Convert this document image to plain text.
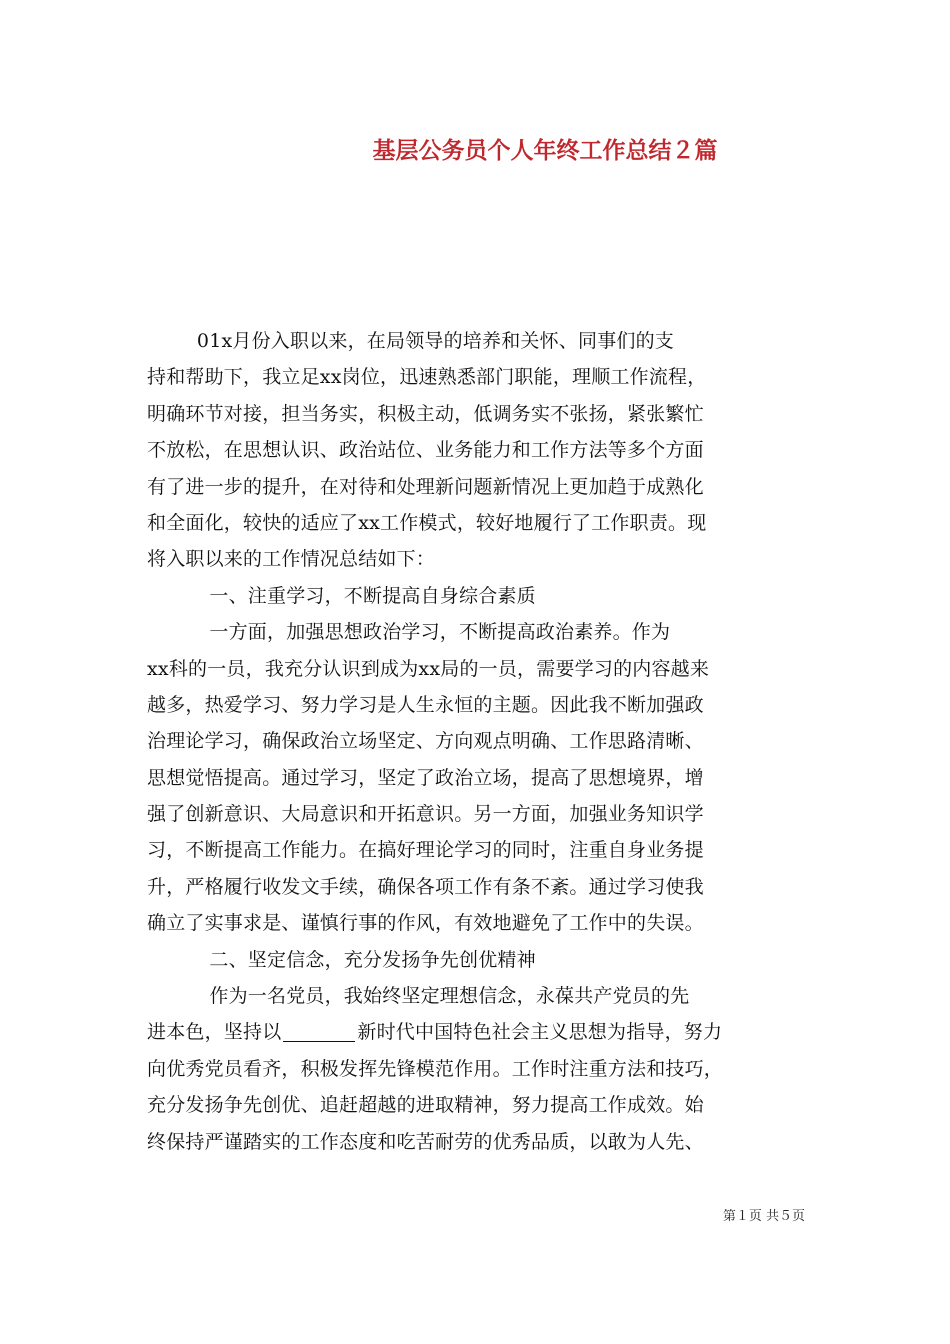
基层公务员个人年终工作总结２篇
01x月份入职以来，在局领导的培养和关怀、同事们的支
持和帮助下，我立足xx岗位，迅速熟悉部门职能，理顺工作流程，
明确环节对接，担当务实，积极主动，低调务实不张扬，紧张繁忙
不放松，在思想认识、政治站位、业务能力和工作方法等多个方面
有了进一步的提升，在对待和处理新问题新情况上更加趋于成熟化
和全面化，较快的适应了xx工作模式，较好地履行了工作职责。现
将入职以来的工作情况总结如下：
一、注重学习，不断提高自身综合素质
一方面，加强思想政治学习，不断提高政治素养。作为
xx科的一员，我充分认识到成为xx局的一员，需要学习的内容越来
越多，热爱学习、努力学习是人生永恒的主题。因此我不断加强政
治理论学习，确保政治立场坚定、方向观点明确、工作思路清晰、
思想觉悟提高。通过学习，坚定了政治立场，提高了思想境界，增
强了创新意识、大局意识和开拓意识。另一方面，加强业务知识学
习，不断提高工作能力。在搞好理论学习的同时，注重自身业务提
升，严格履行收发文手续，确保各项工作有条不紊。通过学习使我
确立了实事求是、谨慎行事的作风，有效地避免了工作中的失误。
二、坚定信念，充分发扬争先创优精神
作为一名党员，我始终坚定理想信念，永葆共产党员的先
进本色，坚持以	新时代中国特色社会主义思想为指导，努力
向优秀党员看齐，积极发挥先锋模范作用。工作时注重方法和技巧，
充分发扬争先创优、追赶超越的进取精神，努力提高工作成效。始
终保持严谨踏实的工作态度和吃苦耐劳的优秀品质，以敢为人先、
第１页 共５页
